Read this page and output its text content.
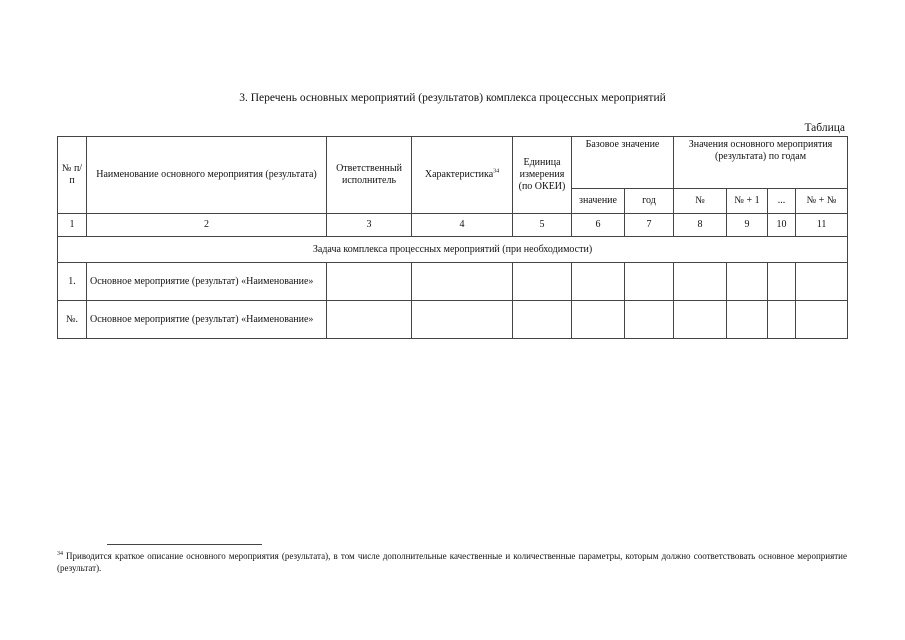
3. Перечень основных мероприятий (результатов) комплекса процессных мероприятий
Таблица
№ п/п	Наименование основного мероприятия (результата)	Ответственный исполнитель	Характеристика$^{34}$	Единица измерения (по ОКЕИ)	Базовое значение		Значения основного мероприятия (результата) по годам			
					значение	год	№	№ + 1	...	№ + №
1	2	3	4	5	6	7	8	9	10	11
Задача комплекса процессных мероприятий (при необходимости)										
1.	Основное мероприятие (результат) «Наименование»									
№.	Основное мероприятие (результат) «Наименование»									
$^{34}$ Приводится краткое описание основного мероприятия (результата), в том числе дополнительные качественные и количественные параметры, которым должно соответствовать основное мероприятие (результат).
